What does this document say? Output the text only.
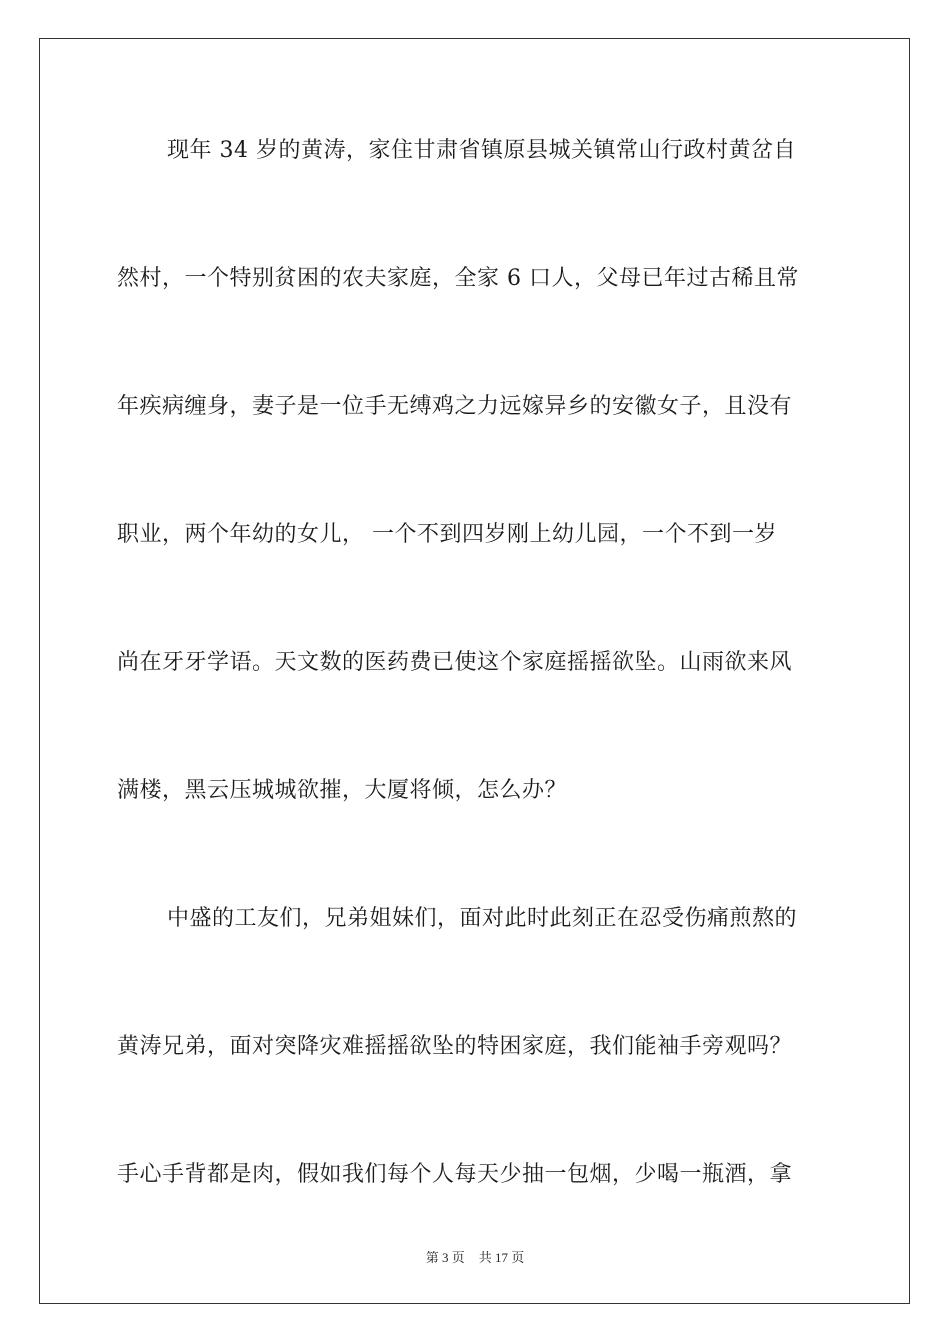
现年 34 岁的黄涛，家住甘肃省镇原县城关镇常山行政村黄岔自
然村，一个特别贫困的农夫家庭，全家 6 口人，父母已年过古稀且常
年疾病缠身，妻子是一位手无缚鸡之力远嫁异乡的安徽女子，且没有
职业，两个年幼的女儿， 一个不到四岁刚上幼儿园，一个不到一岁
尚在牙牙学语。天文数的医药费已使这个家庭摇摇欲坠。山雨欲来风
满楼，黑云压城城欲摧，大厦将倾，怎么办？
中盛的工友们，兄弟姐妹们，面对此时此刻正在忍受伤痛煎熬的
黄涛兄弟，面对突降灾难摇摇欲坠的特困家庭，我们能袖手旁观吗？
手心手背都是肉，假如我们每个人每天少抽一包烟，少喝一瓶酒，拿
第 3 页 共 17 页
